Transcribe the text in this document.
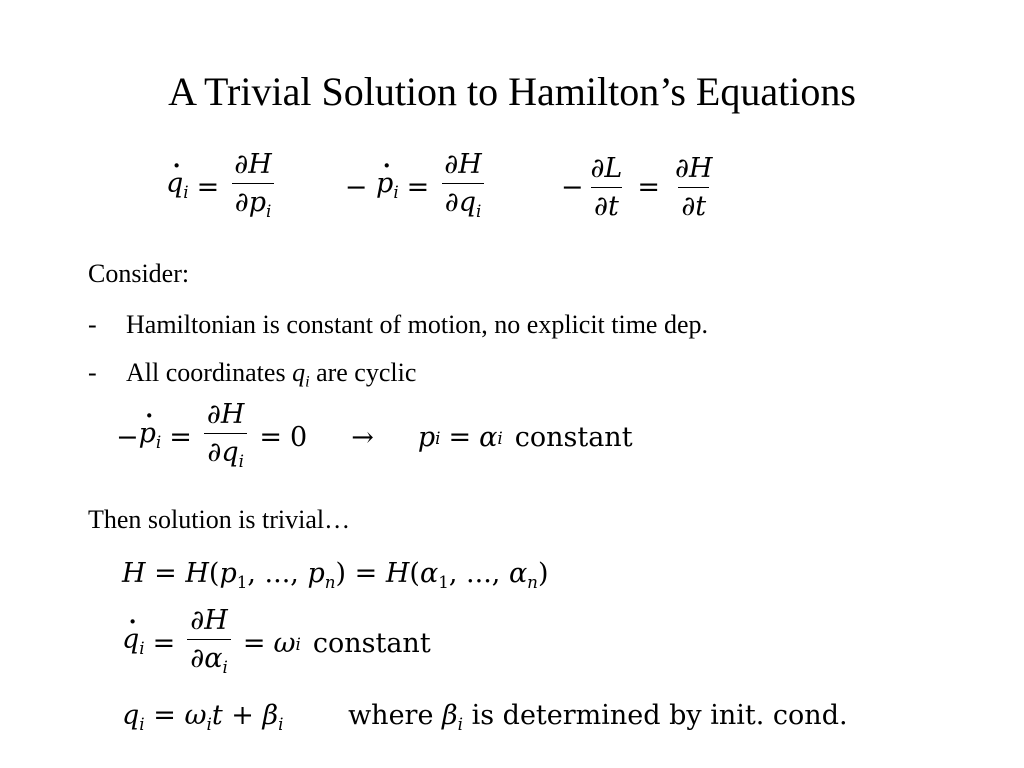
A Trivial Solution to Hamilton’s Equations
· $q_i = \frac{\partial H}{\partial p_i}$	−
· $p_i = \frac{\partial H}{\partial q_i}$	− $\frac{\partial L}{\partial t} = \frac{\partial H}{\partial t}$
Consider:
- Hamiltonian is constant of motion, no explicit time dep.
- All coordinates $q_i$ are cyclic
− · $p_i = \frac{\partial H}{\partial q_i} = 0 \to p$ i = α i constant
Then solution is trivial…
$H = H(p_1$, ..., $p_n) = H(\alpha_1$, ..., $\alpha_n$)
· $q_i = \frac{\partial H}{\partial\alpha_i} = \omega$ i constant
$q_i = \omega_it + \beta_i$ where $\beta_i$ is determined by init. cond.
